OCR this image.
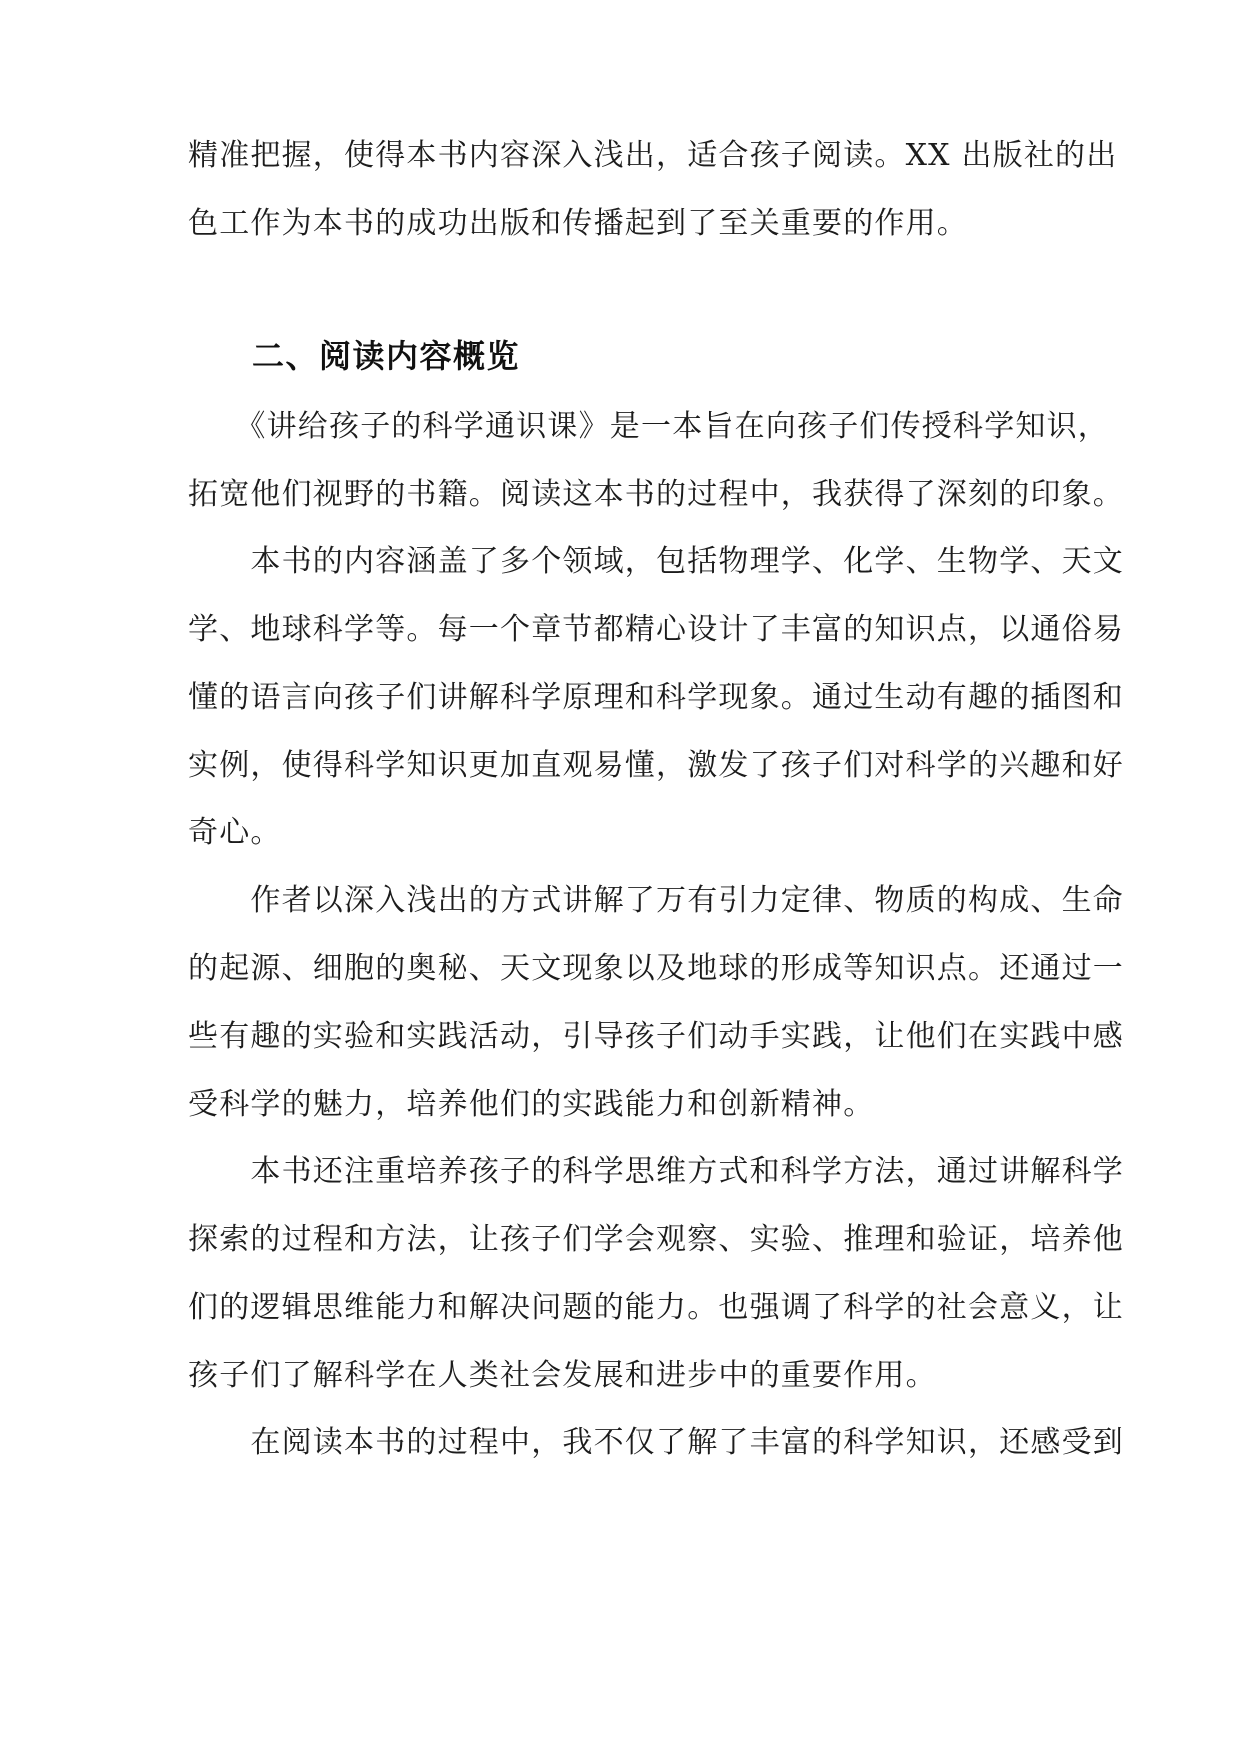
精准把握，使得本书内容深入浅出，适合孩子阅读。XX 出版社的出
色工作为本书的成功出版和传播起到了至关重要的作用。
二、阅读内容概览
　　《讲给孩子的科学通识课》是一本旨在向孩子们传授科学知识，
拓宽他们视野的书籍。阅读这本书的过程中，我获得了深刻的印象。
　　本书的内容涵盖了多个领域，包括物理学、化学、生物学、天文
学、地球科学等。每一个章节都精心设计了丰富的知识点，以通俗易
懂的语言向孩子们讲解科学原理和科学现象。通过生动有趣的插图和
实例，使得科学知识更加直观易懂，激发了孩子们对科学的兴趣和好
奇心。
　　作者以深入浅出的方式讲解了万有引力定律、物质的构成、生命
的起源、细胞的奥秘、天文现象以及地球的形成等知识点。还通过一
些有趣的实验和实践活动，引导孩子们动手实践，让他们在实践中感
受科学的魅力，培养他们的实践能力和创新精神。
　　本书还注重培养孩子的科学思维方式和科学方法，通过讲解科学
探索的过程和方法，让孩子们学会观察、实验、推理和验证，培养他
们的逻辑思维能力和解决问题的能力。也强调了科学的社会意义，让
孩子们了解科学在人类社会发展和进步中的重要作用。
　　在阅读本书的过程中，我不仅了解了丰富的科学知识，还感受到
